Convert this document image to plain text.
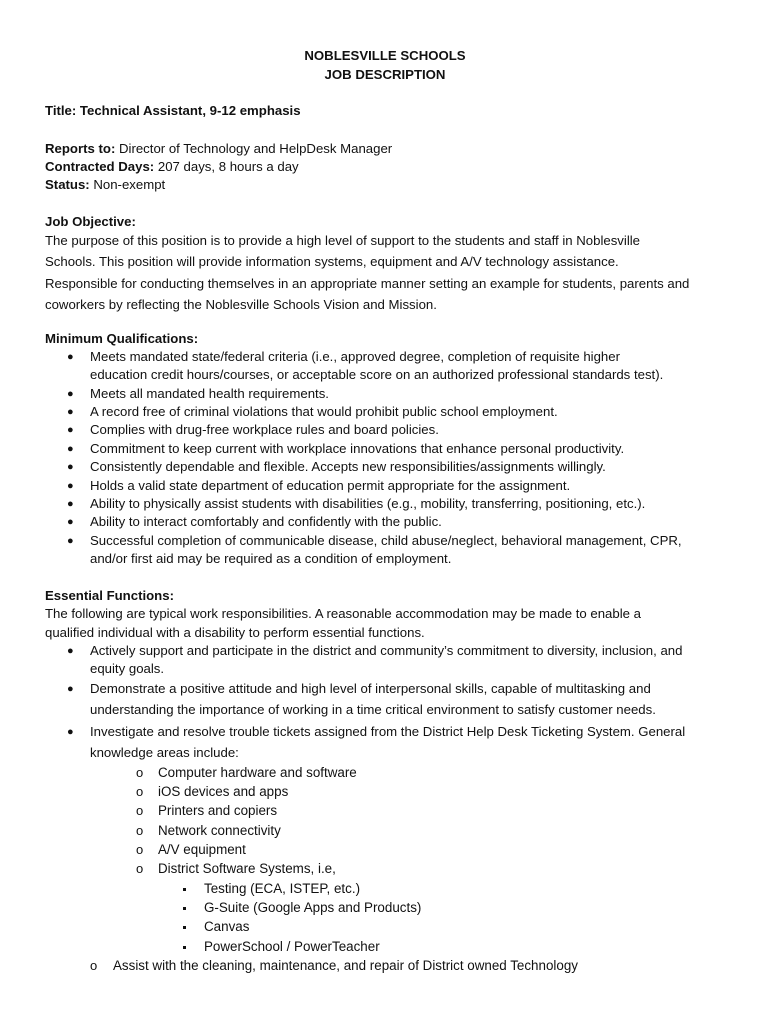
NOBLESVILLE SCHOOLS
JOB DESCRIPTION
Title: Technical Assistant, 9-12 emphasis
Reports to: Director of Technology and HelpDesk Manager
Contracted Days: 207 days, 8 hours a day
Status: Non-exempt
Job Objective:
The purpose of this position is to provide a high level of support to the students and staff in Noblesville
Schools. This position will provide information systems, equipment and A/V technology assistance.
Responsible for conducting themselves in an appropriate manner setting an example for students, parents and
coworkers by reflecting the Noblesville Schools Vision and Mission.
Minimum Qualifications:
● Meets mandated state/federal criteria (i.e., approved degree, completion of requisite higher
education credit hours/courses, or acceptable score on an authorized professional standards test).
● Meets all mandated health requirements.
● A record free of criminal violations that would prohibit public school employment.
● Complies with drug-free workplace rules and board policies.
● Commitment to keep current with workplace innovations that enhance personal productivity.
● Consistently dependable and flexible. Accepts new responsibilities/assignments willingly.
● Holds a valid state department of education permit appropriate for the assignment.
● Ability to physically assist students with disabilities (e.g., mobility, transferring, positioning, etc.).
● Ability to interact comfortably and confidently with the public.
● Successful completion of communicable disease, child abuse/neglect, behavioral management, CPR,
and/or first aid may be required as a condition of employment.
Essential Functions:
The following are typical work responsibilities. A reasonable accommodation may be made to enable a
qualified individual with a disability to perform essential functions.
● Actively support and participate in the district and community’s commitment to diversity, inclusion, and
equity goals.
● Demonstrate a positive attitude and high level of interpersonal skills, capable of multitasking and
understanding the importance of working in a time critical environment to satisfy customer needs.
● Investigate and resolve trouble tickets assigned from the District Help Desk Ticketing System. General
knowledge areas include:
o Computer hardware and software
o iOS devices and apps
o Printers and copiers
o Network connectivity
o A/V equipment
o District Software Systems, i.e,
Testing (ECA, ISTEP, etc.)
G-Suite (Google Apps and Products)
Canvas
PowerSchool / PowerTeacher
o Assist with the cleaning, maintenance, and repair of District owned Technology
